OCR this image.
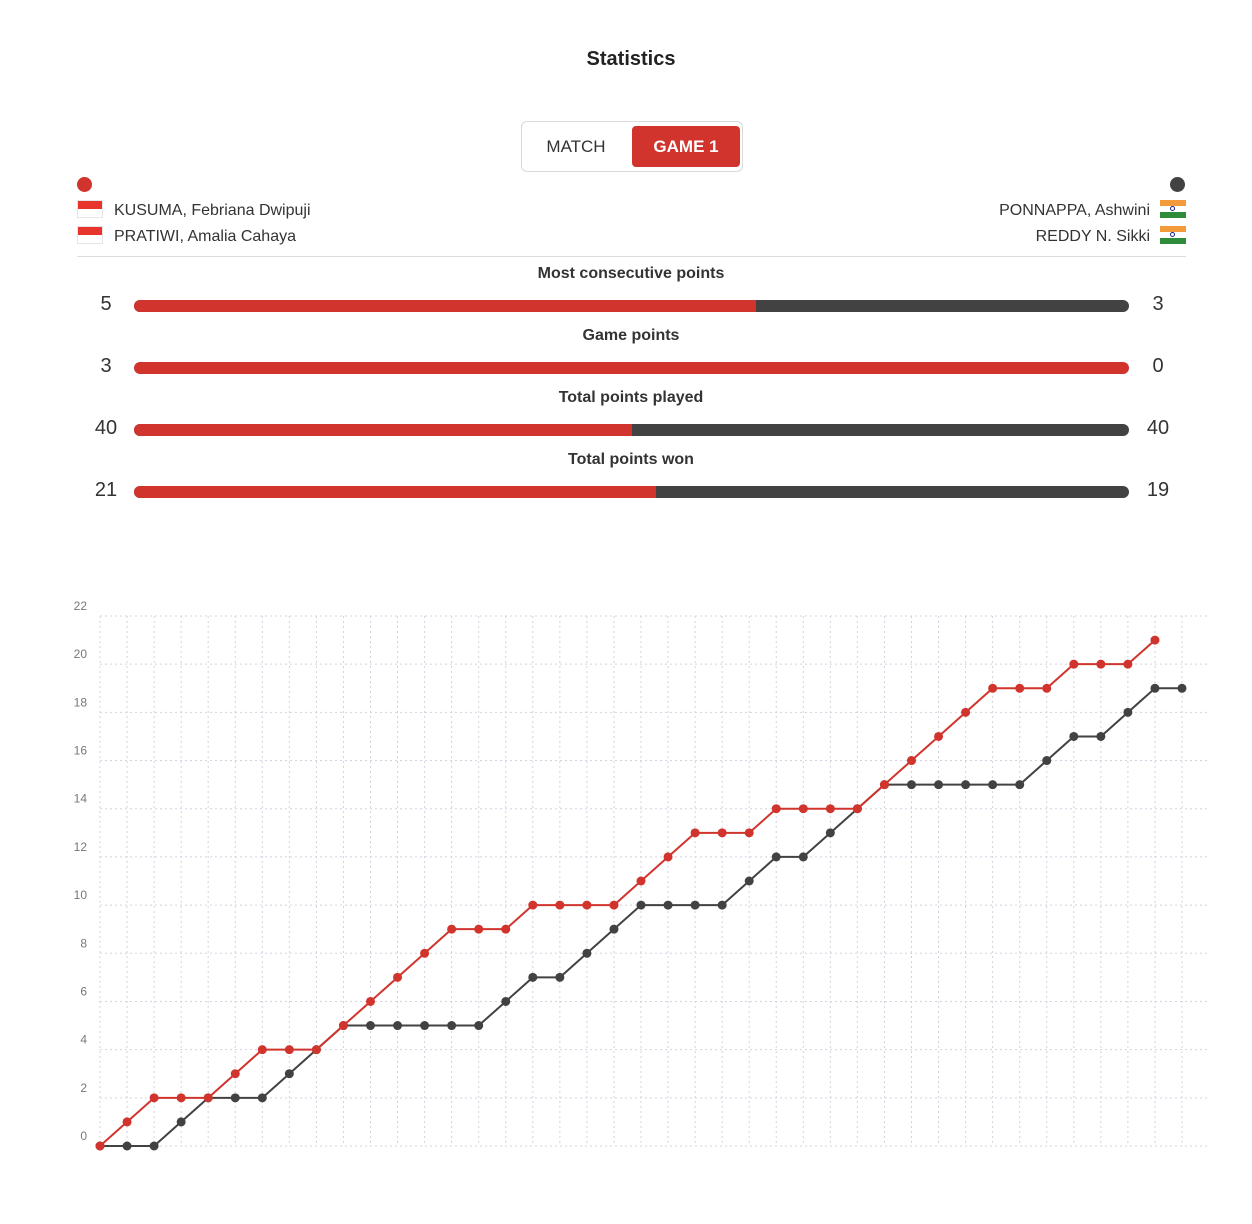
Statistics
MATCH	GAME 1
KUSUMA, Febriana Dwipuji
PRATIWI, Amalia Cahaya
PONNAPPA, Ashwini
REDDY N. Sikki
Most consecutive points
5	3
Game points
3	0
Total points played
40	40
Total points won
21	19
0
2
4
6
8
10
12
14
16
18
20
22
